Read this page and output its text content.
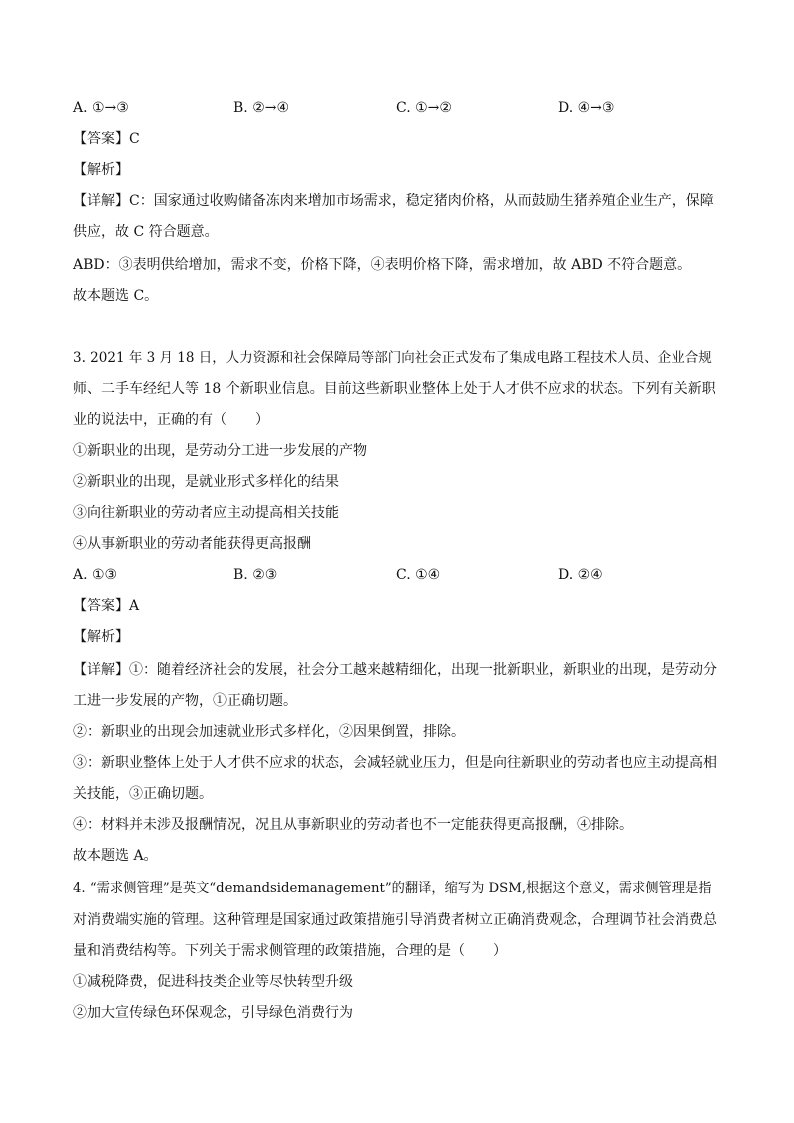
A. ①→③	B. ②→④	C. ①→②	D. ④→③
【答案】C
【解析】
【详解】C：国家通过收购储备冻肉来增加市场需求，稳定猪肉价格，从而鼓励生猪养殖企业生产，保障
供应，故 C 符合题意。
ABD：③表明供给增加，需求不变，价格下降，④表明价格下降，需求增加，故 ABD 不符合题意。
故本题选 C。
3. 2021 年 3 月 18 日，人力资源和社会保障局等部门向社会正式发布了集成电路工程技术人员、企业合规
师、二手车经纪人等 18 个新职业信息。目前这些新职业整体上处于人才供不应求的状态。下列有关新职
业的说法中，正确的有（　　）
①新职业的出现，是劳动分工进一步发展的产物
②新职业的出现，是就业形式多样化的结果
③向往新职业的劳动者应主动提高相关技能
④从事新职业的劳动者能获得更高报酬
A. ①③	B. ②③	C. ①④	D. ②④
【答案】A
【解析】
【详解】①：随着经济社会的发展，社会分工越来越精细化，出现一批新职业，新职业的出现，是劳动分
工进一步发展的产物，①正确切题。
②：新职业的出现会加速就业形式多样化，②因果倒置，排除。
③：新职业整体上处于人才供不应求的状态，会减轻就业压力，但是向往新职业的劳动者也应主动提高相
关技能，③正确切题。
④：材料并未涉及报酬情况，况且从事新职业的劳动者也不一定能获得更高报酬，④排除。
故本题选 A。
4. “需求侧管理”是英文“demandsidemanagement”的翻译，缩写为 DSM,根据这个意义，需求侧管理是指
对消费端实施的管理。这种管理是国家通过政策措施引导消费者树立正确消费观念，合理调节社会消费总
量和消费结构等。下列关于需求侧管理的政策措施，合理的是（　　）
①减税降费，促进科技类企业等尽快转型升级
②加大宣传绿色环保观念，引导绿色消费行为
